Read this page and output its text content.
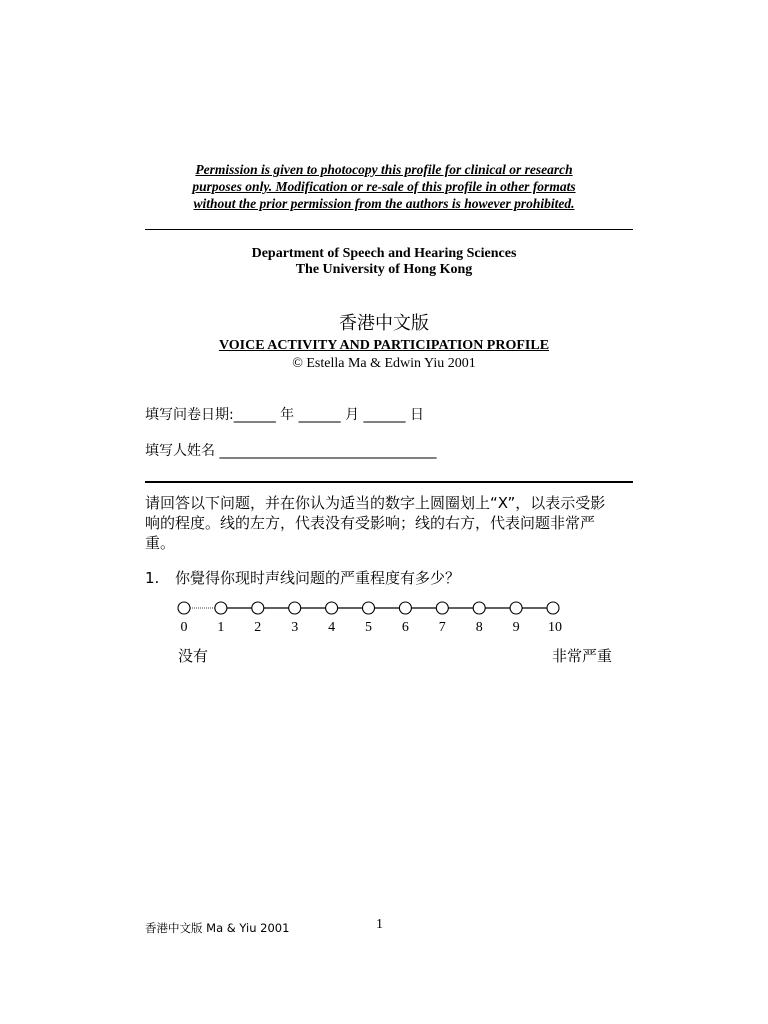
Permission is given to photocopy this profile for clinical or research
purposes only. Modification or re-sale of this profile in other formats
without the prior permission from the authors is however prohibited.
Department of Speech and Hearing Sciences
The University of Hong Kong
香港中文版
VOICE ACTIVITY AND PARTICIPATION PROFILE
© Estella Ma & Edwin Yiu 2001
填写问卷日期:______ 年 ______ 月 ______ 日
填写人姓名 _______________________________
请回答以下问题，并在你认为适当的数字上圆圈划上“X”，以表示受影
响的程度。线的左方，代表没有受影响；线的右方，代表问题非常严
重。
1. 你覺得你现时声线问题的严重程度有多少？
0	1	2	3	4	5	6	7	8	9	10
没有	非常严重
香港中文版 Ma & Yiu 2001	1
